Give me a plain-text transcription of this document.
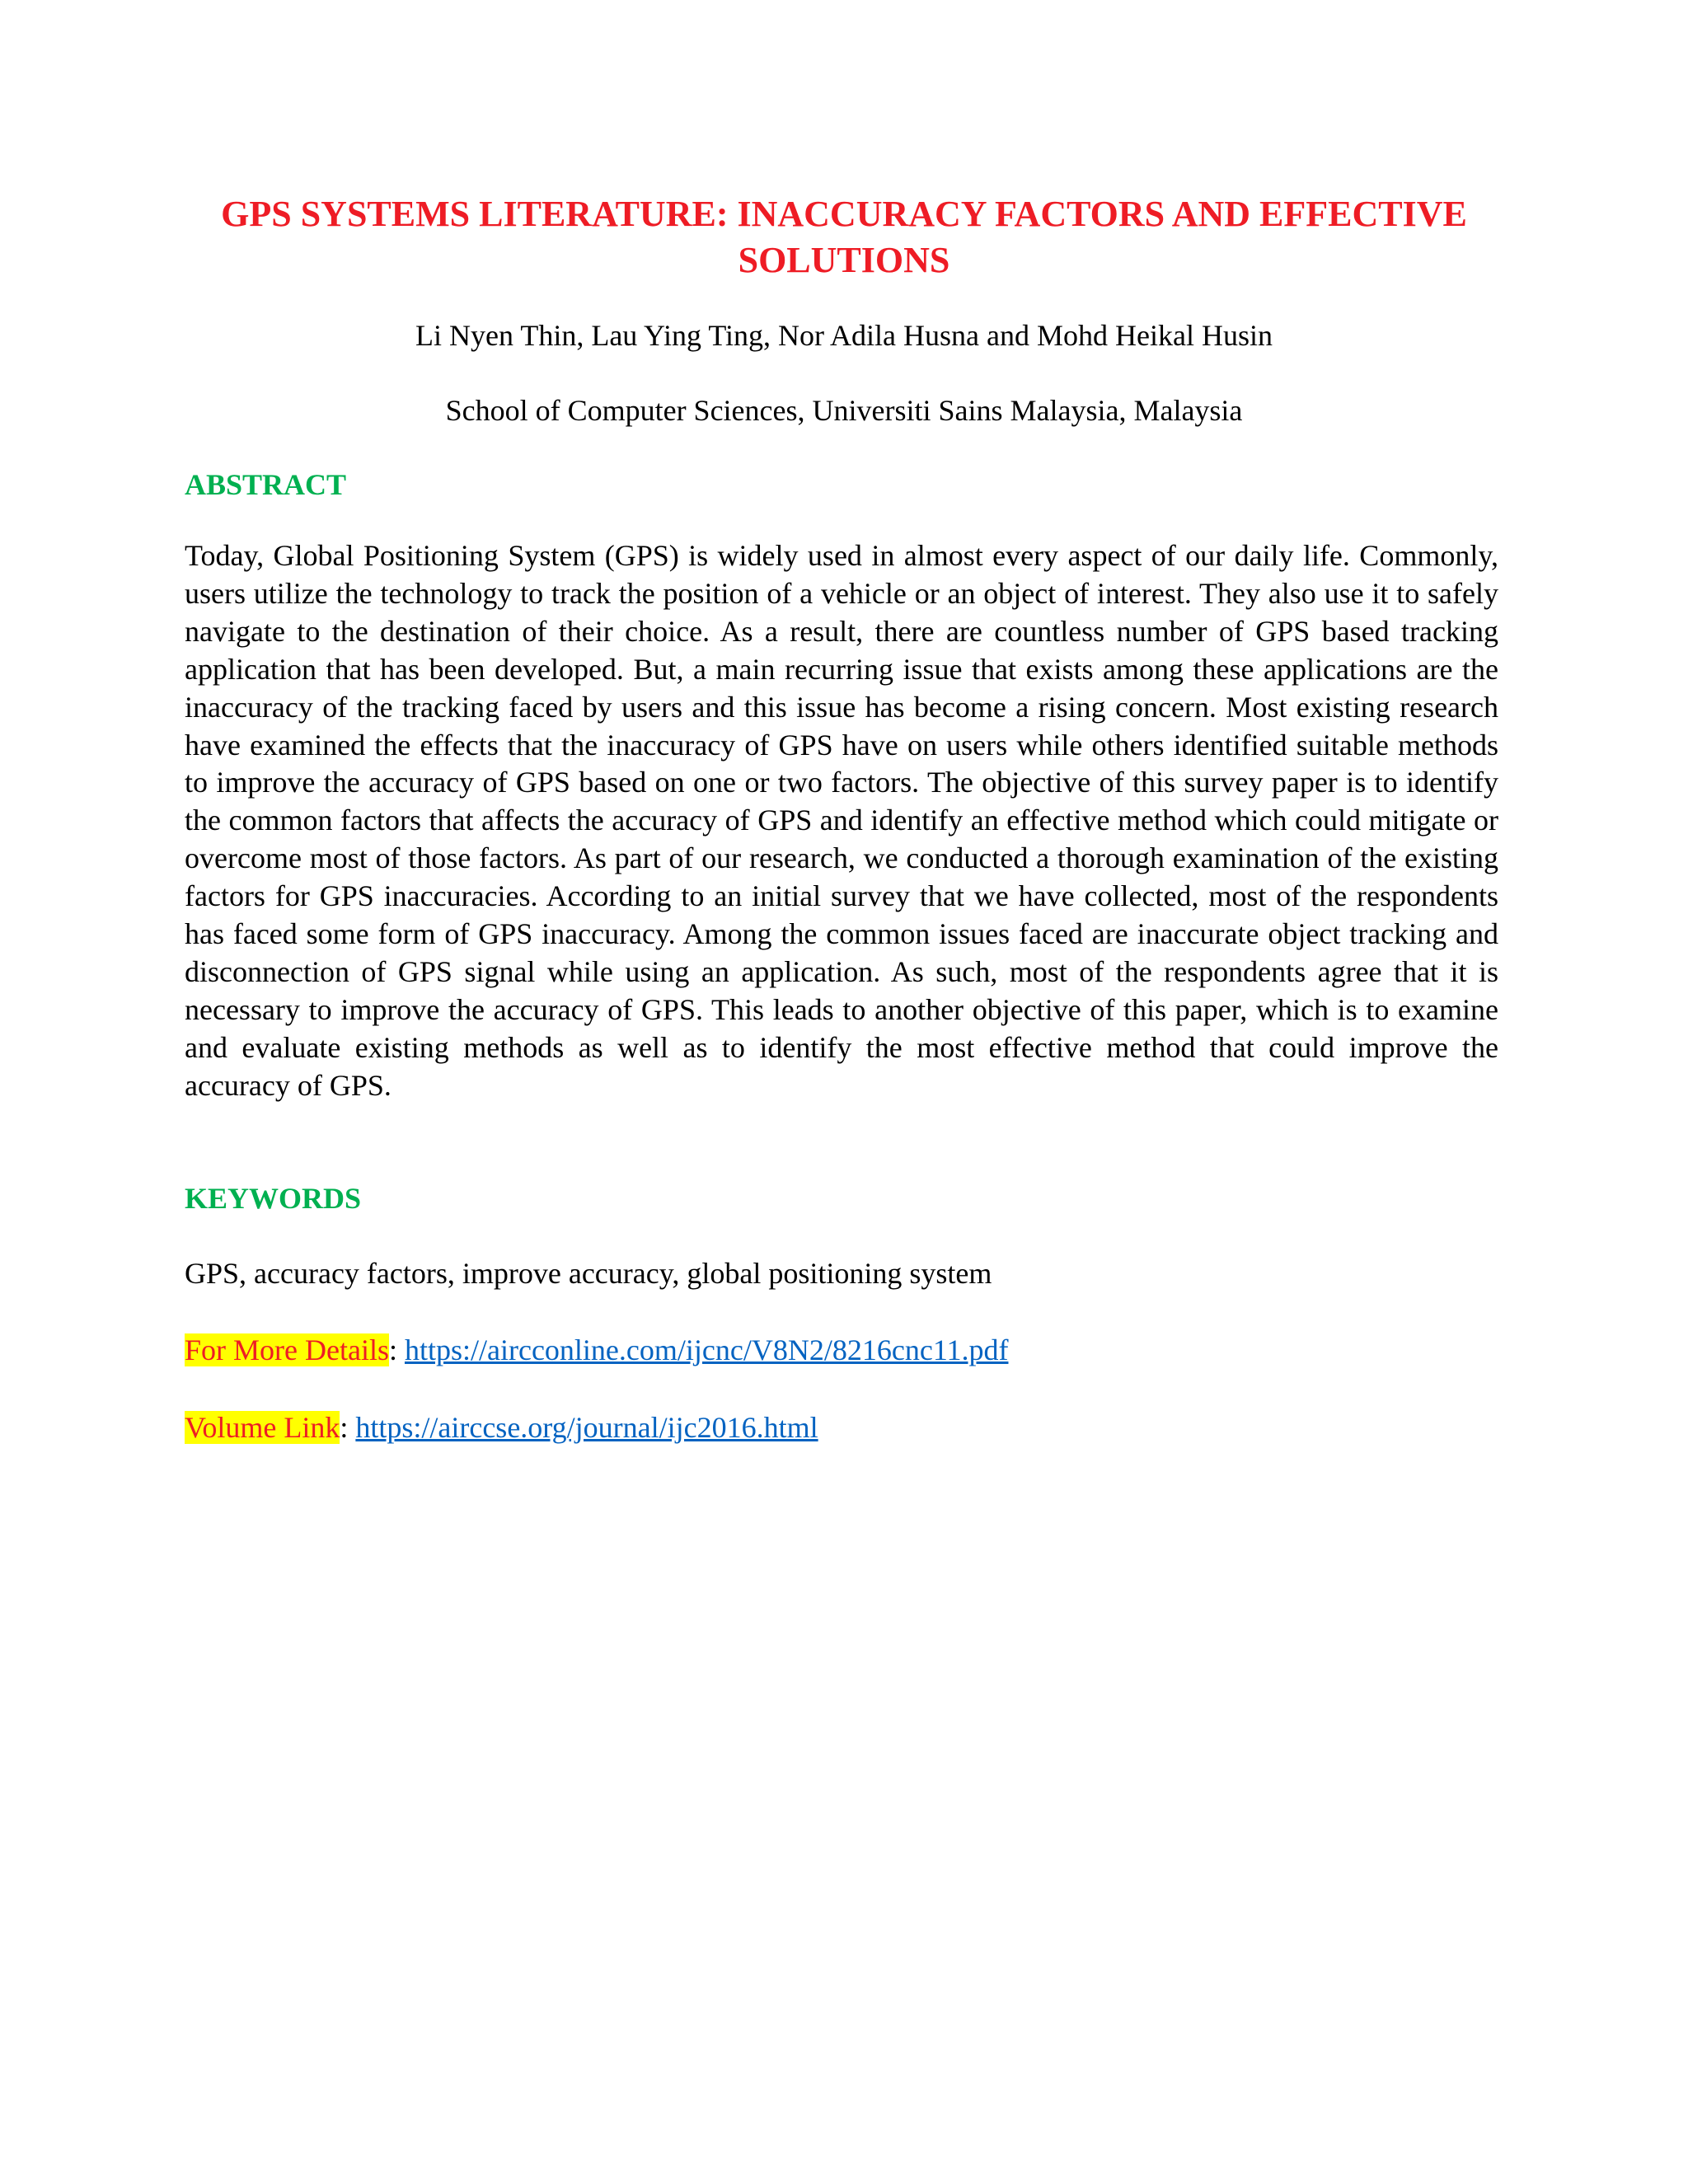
GPS SYSTEMS LITERATURE: INACCURACY FACTORS AND EFFECTIVE SOLUTIONS

Li Nyen Thin, Lau Ying Ting, Nor Adila Husna and Mohd Heikal Husin

School of Computer Sciences, Universiti Sains Malaysia, Malaysia

ABSTRACT

Today, Global Positioning System (GPS) is widely used in almost every aspect of our daily life. Commonly, users utilize the technology to track the position of a vehicle or an object of interest. They also use it to safely navigate to the destination of their choice. As a result, there are countless number of GPS based tracking application that has been developed. But, a main recurring issue that exists among these applications are the inaccuracy of the tracking faced by users and this issue has become a rising concern. Most existing research have examined the effects that the inaccuracy of GPS have on users while others identified suitable methods to improve the accuracy of GPS based on one or two factors. The objective of this survey paper is to identify the common factors that affects the accuracy of GPS and identify an effective method which could mitigate or overcome most of those factors. As part of our research, we conducted a thorough examination of the existing factors for GPS inaccuracies. According to an initial survey that we have collected, most of the respondents has faced some form of GPS inaccuracy. Among the common issues faced are inaccurate object tracking and disconnection of GPS signal while using an application. As such, most of the respondents agree that it is necessary to improve the accuracy of GPS. This leads to another objective of this paper, which is to examine and evaluate existing methods as well as to identify the most effective method that could improve the accuracy of GPS.

KEYWORDS

GPS, accuracy factors, improve accuracy, global positioning system

For More Details: https://aircconline.com/ijcnc/V8N2/8216cnc11.pdf

Volume Link: https://airccse.org/journal/ijc2016.html
